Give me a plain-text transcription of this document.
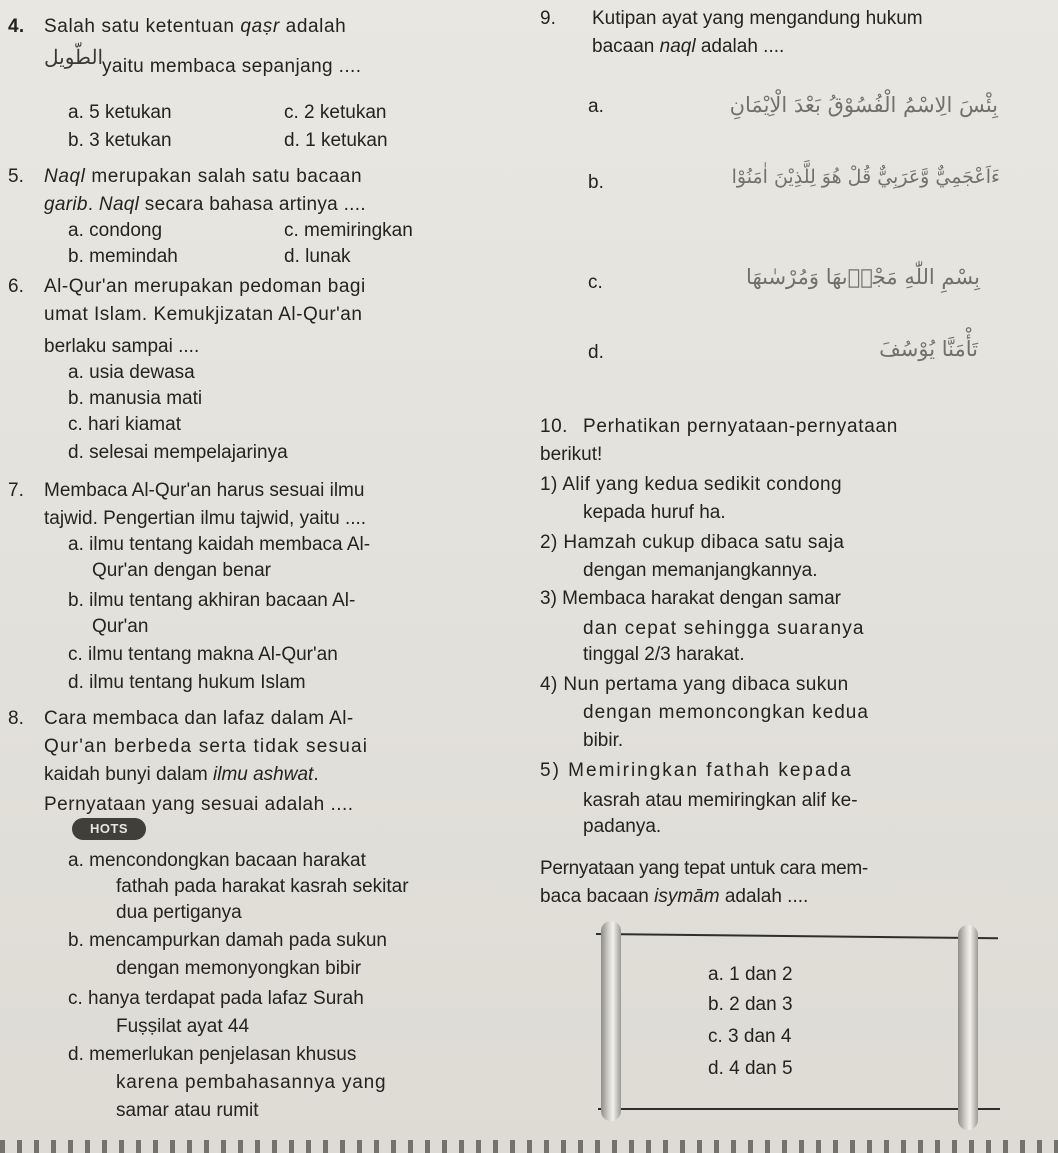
4. Salah satu ketentuan qaṣr adalah
الطّويل
yaitu membaca sepanjang ....
a. 5 ketukan	c. 2 ketukan
b. 3 ketukan	d. 1 ketukan
5. Naql merupakan salah satu bacaan
garib. Naql secara bahasa artinya ....
a. condong	c. memiringkan
b. memindah	d. lunak
6. Al-Qur'an merupakan pedoman bagi
umat Islam. Kemukjizatan Al-Qur'an
berlaku sampai ....
a. usia dewasa
b. manusia mati
c. hari kiamat
d. selesai mempelajarinya
7. Membaca Al-Qur'an harus sesuai ilmu
tajwid. Pengertian ilmu tajwid, yaitu ....
a. ilmu tentang kaidah membaca Al-
Qur'an dengan benar
b. ilmu tentang akhiran bacaan Al-
Qur'an
c. ilmu tentang makna Al-Qur'an
d. ilmu tentang hukum Islam
8. Cara membaca dan lafaz dalam Al-
Qur'an berbeda serta tidak sesuai
kaidah bunyi dalam ilmu ashwat.
Pernyataan yang sesuai adalah ....
HOTS
a. mencondongkan bacaan harakat
fathah pada harakat kasrah sekitar
dua pertiganya
b. mencampurkan damah pada sukun
dengan memonyongkan bibir
c. hanya terdapat pada lafaz Surah
Fuṣṣilat ayat 44
d. memerlukan penjelasan khusus
karena pembahasannya yang
samar atau rumit
9. Kutipan ayat yang mengandung hukum
bacaan naql adalah ....
a.	بِئْسَ الِاسْمُ الْفُسُوْقُ بَعْدَ الْاِيْمَانِ
b.	ءَاَعْجَمِيٌّ وَّعَرَبِيٌّ قُلْ هُوَ لِلَّذِيْنَ اٰمَنُوْا
c.	بِسْمِ اللّٰهِ مَجْرٖىهَا وَمُرْسٰىهَا
d.	تَأْمَنَّا يُوْسُفَ
10. Perhatikan pernyataan-pernyataan
berikut!
1) Alif yang kedua sedikit condong
kepada huruf ha.
2) Hamzah cukup dibaca satu saja
dengan memanjangkannya.
3) Membaca harakat dengan samar
dan cepat sehingga suaranya
tinggal 2/3 harakat.
4) Nun pertama yang dibaca sukun
dengan memoncongkan kedua
bibir.
5) Memiringkan fathah kepada
kasrah atau memiringkan alif ke-
padanya.
Pernyataan yang tepat untuk cara mem-
baca bacaan isymām adalah ....
a. 1 dan 2
b. 2 dan 3
c. 3 dan 4
d. 4 dan 5
